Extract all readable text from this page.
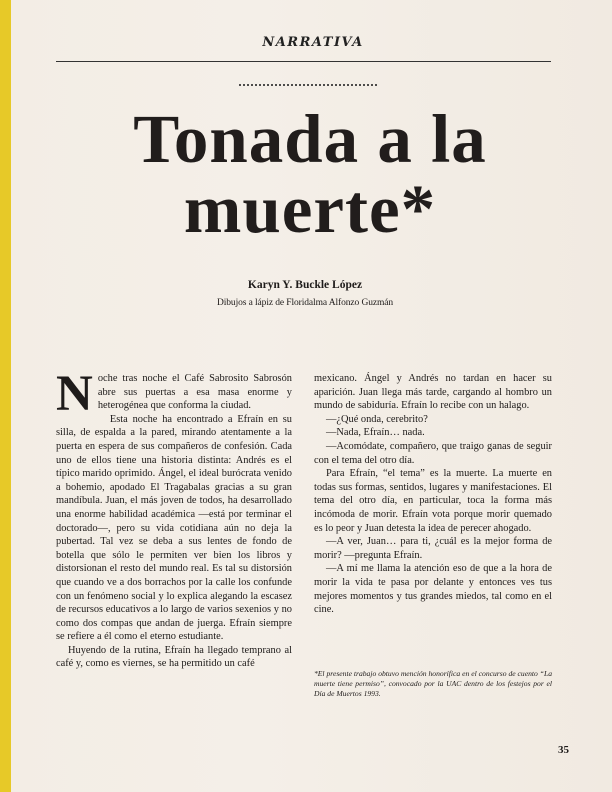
NARRATIVA
Tonada a la muerte*
Karyn Y. Buckle López
Dibujos a lápiz de Floridalma Alfonzo Guzmán

Noche tras noche el Café Sabrosito Sabrosón abre sus puertas a esa masa enorme y heterogénea que conforma la ciudad.

Esta noche ha encontrado a Efraín en su silla, de espalda a la pared, mirando atentamente a la puerta en espera de sus compañeros de confesión. Cada uno de ellos tiene una historia distinta: Andrés es el típico marido oprimido. Ángel, el ideal burócrata venido a bohemio, apodado El Tragabalas gracias a su gran mandíbula. Juan, el más joven de todos, ha desarrollado una enorme habilidad académica —está por terminar el doctorado—, pero su vida cotidiana aún no deja la pubertad. Tal vez se deba a sus lentes de fondo de botella que sólo le permiten ver bien los libros y distorsionan el resto del mundo real. Es tal su distorsión que cuando ve a dos borrachos por la calle los confunde con un fenómeno social y lo explica alegando la escasez de recursos educativos a lo largo de varios sexenios y no como dos compas que andan de juerga. Efraín siempre se refiere a él como el eterno estudiante.

Huyendo de la rutina, Efraín ha llegado temprano al café y, como es viernes, se ha permitido un café

mexicano. Ángel y Andrés no tardan en hacer su aparición. Juan llega más tarde, cargando al hombro un mundo de sabiduría. Efraín lo recibe con un halago.

—¿Qué onda, cerebrito?

—Nada, Efraín… nada.

—Acomódate, compañero, que traigo ganas de seguir con el tema del otro día.

Para Efraín, “el tema” es la muerte. La muerte en todas sus formas, sentidos, lugares y manifestaciones. El tema del otro día, en particular, toca la forma más incómoda de morir. Efraín vota porque morir quemado es lo peor y Juan detesta la idea de perecer ahogado.

—A ver, Juan… para ti, ¿cuál es la mejor forma de morir? —pregunta Efraín.

—A mí me llama la atención eso de que a la hora de morir la vida te pasa por delante y entonces ves tus mejores momentos y tus grandes miedos, tal como en el cine.

*El presente trabajo obtuvo mención honorífica en el concurso de cuento “La muerte tiene permiso”, convocado por la UAC dentro de los festejos por el Día de Muertos 1993.
35
